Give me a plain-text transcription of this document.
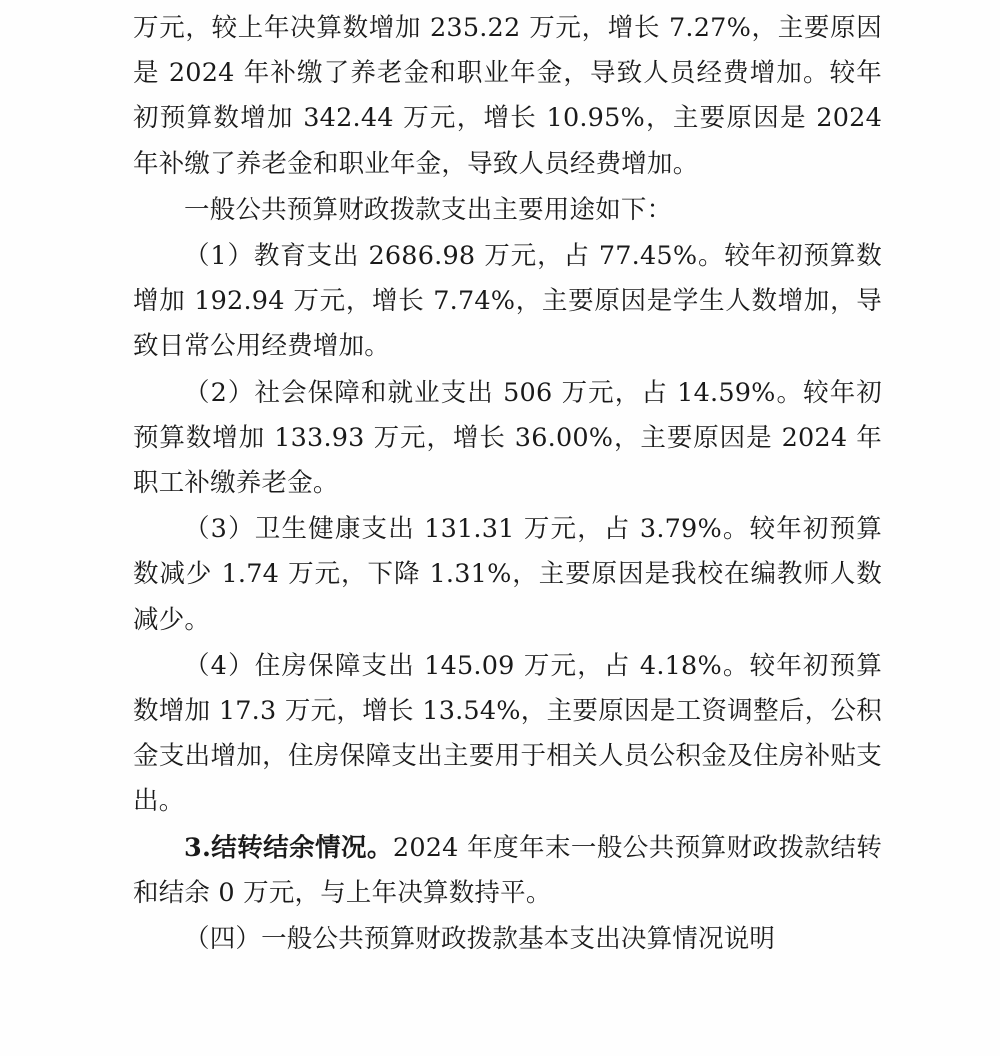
万元，较上年决算数增加 235.22 万元，增长 7.27%，主要原因是 2024 年补缴了养老金和职业年金，导致人员经费增加。较年初预算数增加 342.44 万元，增长 10.95%，主要原因是 2024 年补缴了养老金和职业年金，导致人员经费增加。

一般公共预算财政拨款支出主要用途如下：

（1）教育支出 2686.98 万元，占 77.45%。较年初预算数增加 192.94 万元，增长 7.74%，主要原因是学生人数增加，导致日常公用经费增加。

（2）社会保障和就业支出 506 万元，占 14.59%。较年初预算数增加 133.93 万元，增长 36.00%，主要原因是 2024 年职工补缴养老金。

（3）卫生健康支出 131.31 万元，占 3.79%。较年初预算数减少 1.74 万元，下降 1.31%，主要原因是我校在编教师人数减少。

（4）住房保障支出 145.09 万元，占 4.18%。较年初预算数增加 17.3 万元，增长 13.54%，主要原因是工资调整后，公积金支出增加，住房保障支出主要用于相关人员公积金及住房补贴支出。

3.结转结余情况。2024 年度年末一般公共预算财政拨款结转和结余 0 万元，与上年决算数持平。

（四）一般公共预算财政拨款基本支出决算情况说明
